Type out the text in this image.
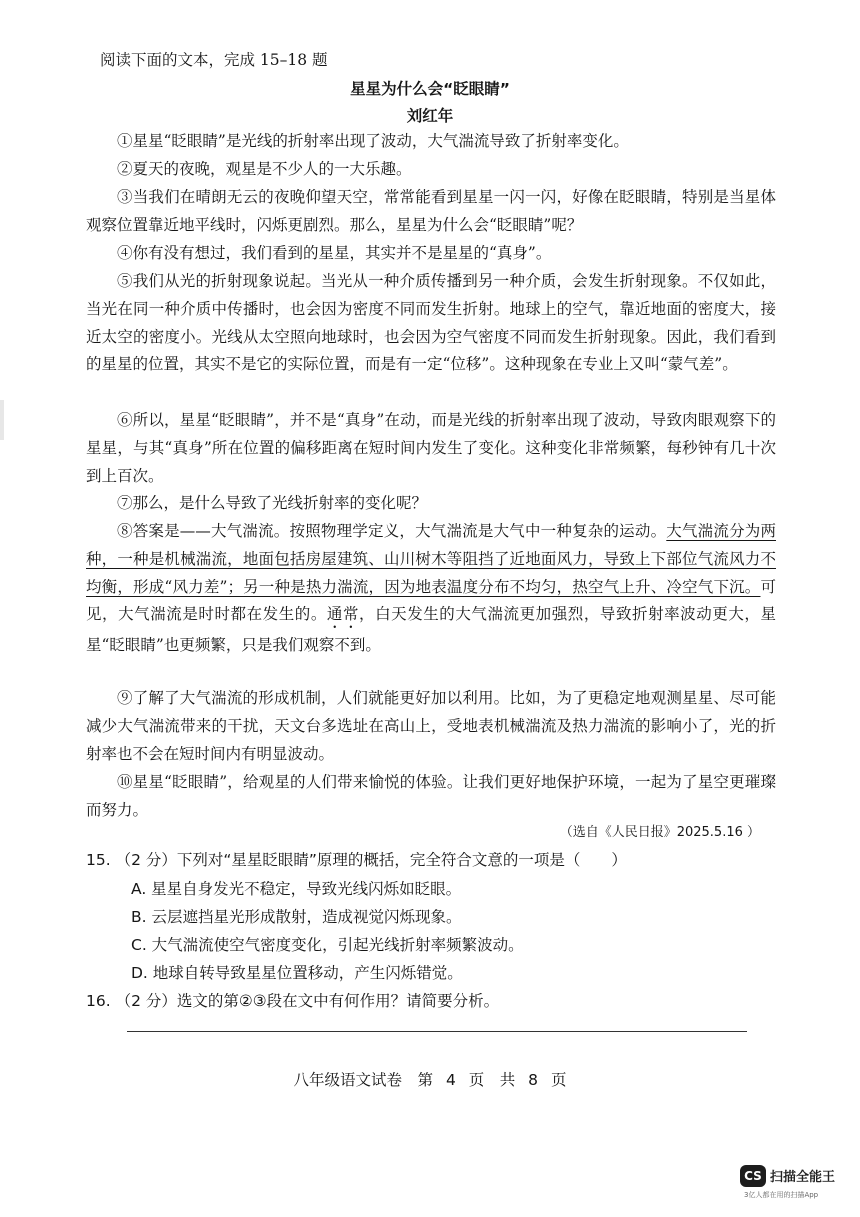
阅读下面的文本，完成 15–18 题
星星为什么会“眨眼睛”
刘红年

①星星“眨眼睛”是光线的折射率出现了波动，大气湍流导致了折射率变化。

②夏天的夜晚，观星是不少人的一大乐趣。

③当我们在晴朗无云的夜晚仰望天空，常常能看到星星一闪一闪，好像在眨眼睛，特别是当星体观察位置靠近地平线时，闪烁更剧烈。那么，星星为什么会“眨眼睛”呢？

④你有没有想过，我们看到的星星，其实并不是星星的“真身”。

⑤我们从光的折射现象说起。当光从一种介质传播到另一种介质，会发生折射现象。不仅如此，当光在同一种介质中传播时，也会因为密度不同而发生折射。地球上的空气，靠近地面的密度大，接近太空的密度小。光线从太空照向地球时，也会因为空气密度不同而发生折射现象。因此，我们看到的星星的位置，其实不是它的实际位置，而是有一定“位移”。这种现象在专业上又叫“蒙气差”。

⑥所以，星星“眨眼睛”，并不是“真身”在动，而是光线的折射率出现了波动，导致肉眼观察下的星星，与其“真身”所在位置的偏移距离在短时间内发生了变化。这种变化非常频繁，每秒钟有几十次到上百次。

⑦那么，是什么导致了光线折射率的变化呢？

⑧答案是——大气湍流。按照物理学定义，大气湍流是大气中一种复杂的运动。大气湍流分为两种，一种是机械湍流，地面包括房屋建筑、山川树木等阻挡了近地面风力，导致上下部位气流风力不均衡，形成“风力差”；另一种是热力湍流，因为地表温度分布不均匀，热空气上升、冷空气下沉。可见，大气湍流是时时都在发生的。通常，白天发生的大气湍流更加强烈，导致折射率波动更大，星星“眨眼睛”也更频繁，只是我们观察不到。

⑨了解了大气湍流的形成机制，人们就能更好加以利用。比如，为了更稳定地观测星星、尽可能减少大气湍流带来的干扰，天文台多选址在高山上，受地表机械湍流及热力湍流的影响小了，光的折射率也不会在短时间内有明显波动。

⑩星星“眨眼睛”，给观星的人们带来愉悦的体验。让我们更好地保护环境，一起为了星空更璀璨而努力。

（选自《人民日报》2025.5.16 ）
15. （2 分）下列对“星星眨眼睛”原理的概括，完全符合文意的一项是（　　）
A. 星星自身发光不稳定，导致光线闪烁如眨眼。
B. 云层遮挡星光形成散射，造成视觉闪烁现象。
C. 大气湍流使空气密度变化，引起光线折射率频繁波动。
D. 地球自转导致星星位置移动，产生闪烁错觉。
16. （2 分）选文的第②③段在文中有何作用？请简要分析。
八年级语文试卷　第 4 页　共 8 页
CS 扫描全能王
3亿人都在用的扫描App
